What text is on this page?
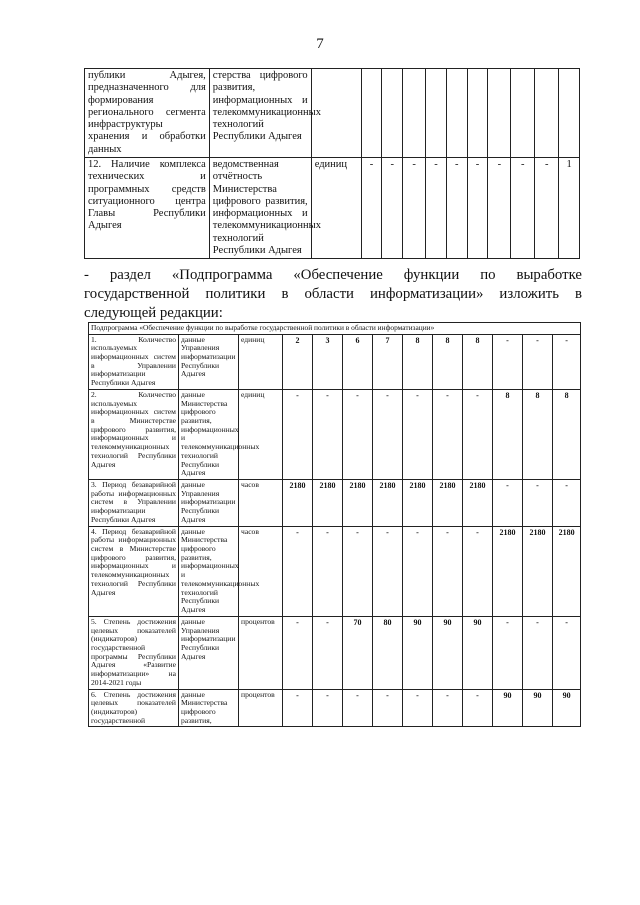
7
публики Адыгея, предназначенного для формирования регионального сегмента инфраструктуры хранения и обработки данных	стерства цифрового развития, информационных и телекоммуникационных технологий Республики Адыгея											
12. Наличие комплекса технических и программных средств ситуационного центра Главы Республики Адыгея	ведомственная отчётность Министерства цифрового развития, информационных и телекоммуникационных технологий Республики Адыгея	единиц	-	-	-	-	-	-	-	-	-	1
- раздел «Подпрограмма «Обеспечение функции по выработке государственной политики в области информатизации» изложить в следующей редакции:
Подпрограмма «Обеспечение функции по выработке государственной политики в области информатизации»												
1. Количество используемых информационных систем в Управлении информатизации Республики Адыгея	данные Управления информатизации Республики Адыгея	единиц	2	3	6	7	8	8	8	-	-	-
2. Количество используемых информационных систем в Министерстве цифрового развития, информационных и телекоммуникационных технологий Республики Адыгея	данные Министерства цифрового развития, информационных и телекоммуникационных технологий Республики Адыгея	единиц	-	-	-	-	-	-	-	8	8	8
3. Период безаварийной работы информационных систем в Управлении информатизации Республики Адыгея	данные Управления информатизации Республики Адыгея	часов	2180	2180	2180	2180	2180	2180	2180	-	-	-
4. Период безаварийной работы информационных систем в Министерстве цифрового развития, информационных и телекоммуникационных технологий Республики Адыгея	данные Министерства цифрового развития, информационных и телекоммуникационных технологий Республики Адыгея	часов	-	-	-	-	-	-	-	2180	2180	2180
5. Степень достижения целевых показателей (индикаторов) государственной программы Республики Адыгея «Развитие информатизации» на 2014-2021 годы	данные Управления информатизации Республики Адыгея	процентов	-	-	70	80	90	90	90	-	-	-
6. Степень достижения целевых показателей (индикаторов) государственной	данные Министерства цифрового развития,	процентов	-	-	-	-	-	-	-	90	90	90
